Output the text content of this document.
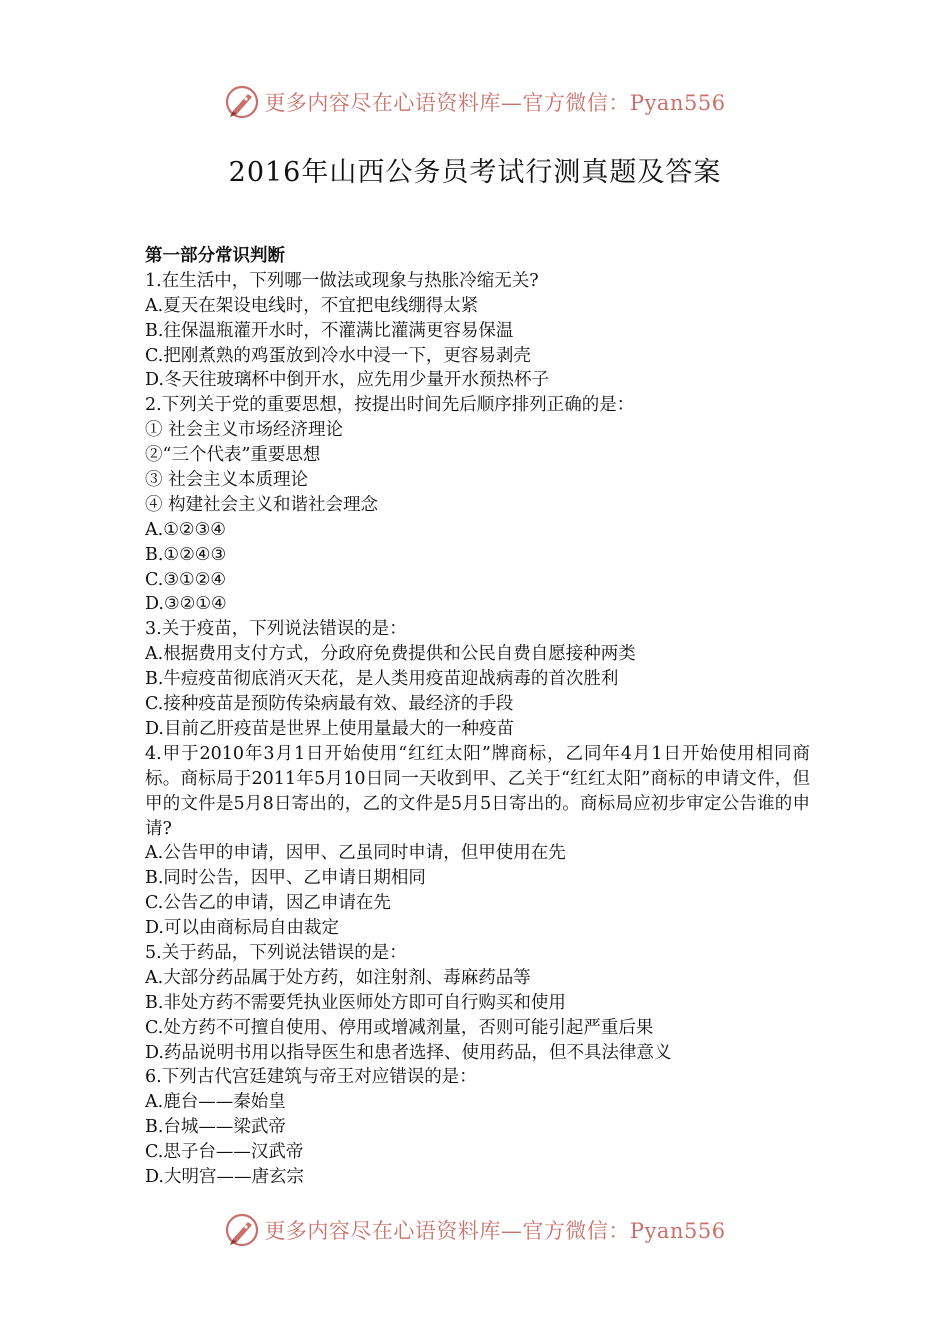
更多内容尽在心语资料库—官方微信：Pyan556
2016年山西公务员考试行测真题及答案
第一部分常识判断
1.在生活中，下列哪一做法或现象与热胀冷缩无关?
A.夏天在架设电线时，不宜把电线绷得太紧
B.往保温瓶灌开水时，不灌满比灌满更容易保温
C.把刚煮熟的鸡蛋放到冷水中浸一下，更容易剥壳
D.冬天往玻璃杯中倒开水，应先用少量开水预热杯子
2.下列关于党的重要思想，按提出时间先后顺序排列正确的是：
① 社会主义市场经济理论
②“三个代表”重要思想
③ 社会主义本质理论
④ 构建社会主义和谐社会理念
A.①②③④
B.①②④③
C.③①②④
D.③②①④
3.关于疫苗，下列说法错误的是：
A.根据费用支付方式，分政府免费提供和公民自费自愿接种两类
B.牛痘疫苗彻底消灭天花，是人类用疫苗迎战病毒的首次胜利
C.接种疫苗是预防传染病最有效、最经济的手段
D.目前乙肝疫苗是世界上使用量最大的一种疫苗
4.甲于2010年3月1日开始使用“红红太阳”牌商标，乙同年4月1日开始使用相同商标。商标局于2011年5月10日同一天收到甲、乙关于“红红太阳”商标的申请文件，但甲的文件是5月8日寄出的，乙的文件是5月5日寄出的。商标局应初步审定公告谁的申请?
A.公告甲的申请，因甲、乙虽同时申请，但甲使用在先
B.同时公告，因甲、乙申请日期相同
C.公告乙的申请，因乙申请在先
D.可以由商标局自由裁定
5.关于药品，下列说法错误的是：
A.大部分药品属于处方药，如注射剂、毒麻药品等
B.非处方药不需要凭执业医师处方即可自行购买和使用
C.处方药不可擅自使用、停用或增减剂量，否则可能引起严重后果
D.药品说明书用以指导医生和患者选择、使用药品，但不具法律意义
6.下列古代宫廷建筑与帝王对应错误的是：
A.鹿台——秦始皇
B.台城——梁武帝
C.思子台——汉武帝
D.大明宫——唐玄宗
更多内容尽在心语资料库—官方微信：Pyan556
